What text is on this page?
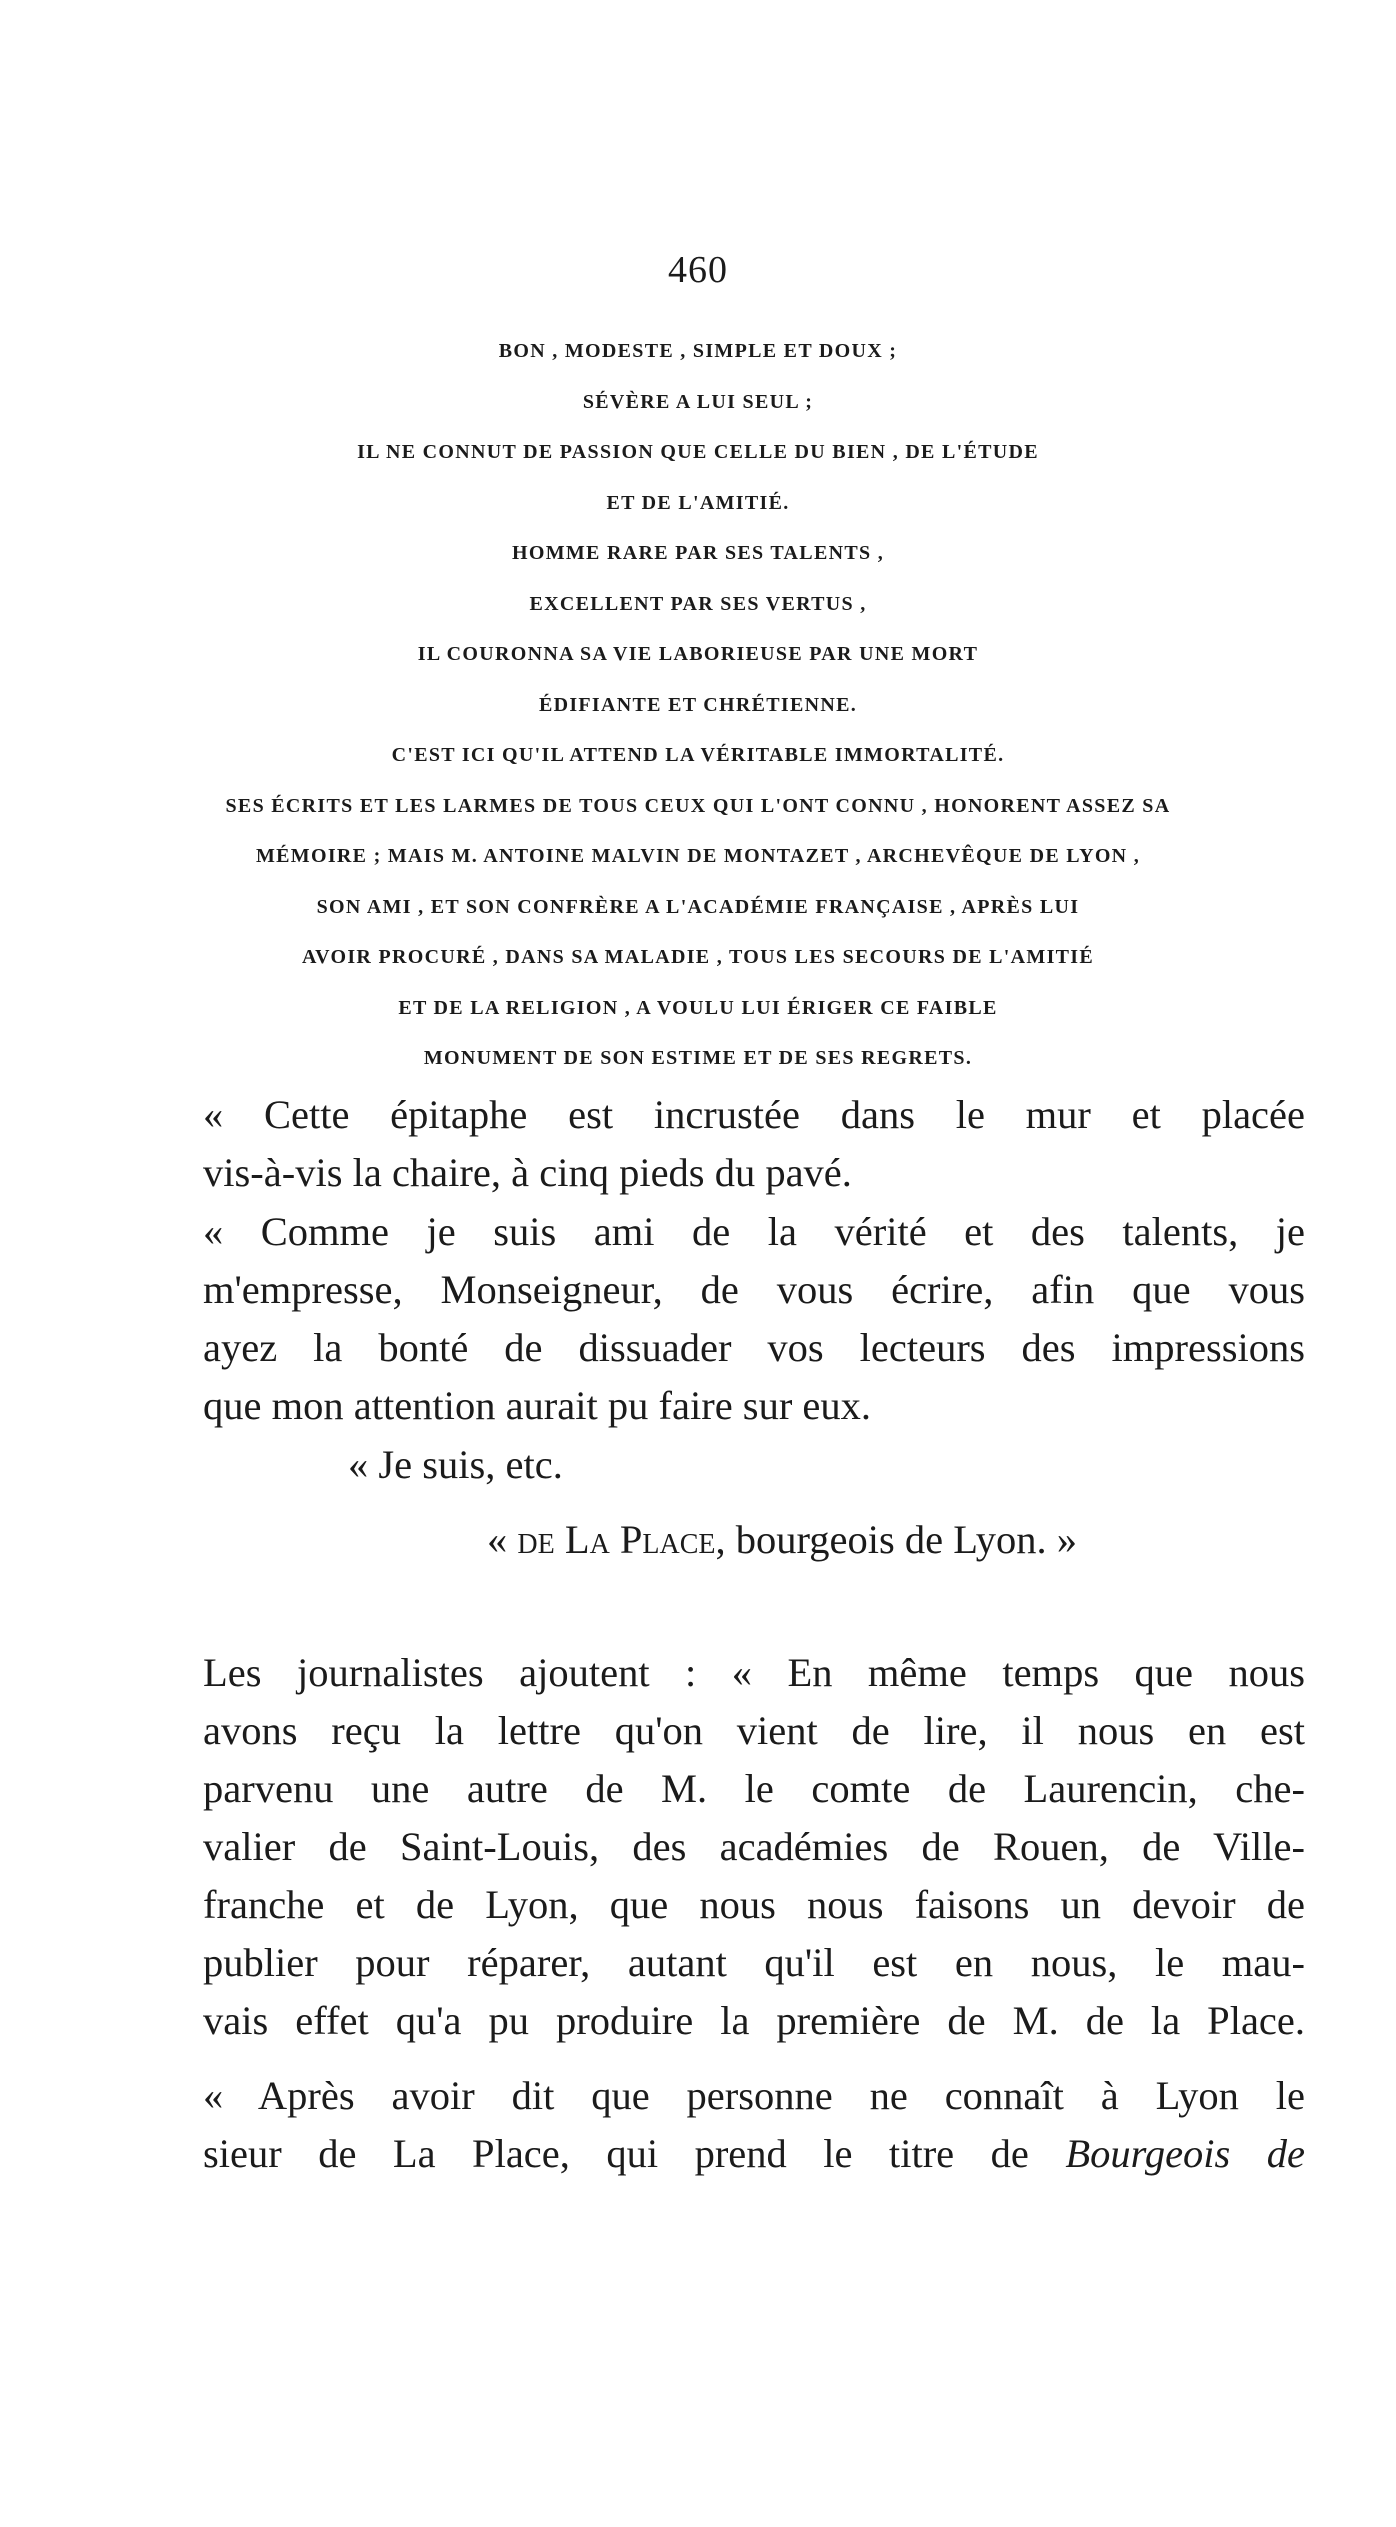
460
BON , MODESTE , SIMPLE ET DOUX ;
SÉVÈRE A LUI SEUL ;
IL NE CONNUT DE PASSION QUE CELLE DU BIEN , DE L'ÉTUDE
ET DE L'AMITIÉ.
HOMME RARE PAR SES TALENTS ,
EXCELLENT PAR SES VERTUS ,
IL COURONNA SA VIE LABORIEUSE PAR UNE MORT
ÉDIFIANTE ET CHRÉTIENNE.
C'EST ICI QU'IL ATTEND LA VÉRITABLE IMMORTALITÉ.
SES ÉCRITS ET LES LARMES DE TOUS CEUX QUI L'ONT CONNU , HONORENT ASSEZ SA
MÉMOIRE ; MAIS M. ANTOINE MALVIN DE MONTAZET , ARCHEVÊQUE DE LYON ,
SON AMI , ET SON CONFRÈRE A L'ACADÉMIE FRANÇAISE , APRÈS LUI
AVOIR PROCURÉ , DANS SA MALADIE , TOUS LES SECOURS DE L'AMITIÉ
ET DE LA RELIGION , A VOULU LUI ÉRIGER CE FAIBLE
MONUMENT DE SON ESTIME ET DE SES REGRETS.
« Cette épitaphe est incrustée dans le mur et placée
vis-à-vis la chaire, à cinq pieds du pavé.
« Comme je suis ami de la vérité et des talents, je
m'empresse, Monseigneur, de vous écrire, afin que vous
ayez la bonté de dissuader vos lecteurs des impressions
que mon attention aurait pu faire sur eux.
« Je suis, etc.
« de La Place, bourgeois de Lyon. »
Les journalistes ajoutent : « En même temps que nous
avons reçu la lettre qu'on vient de lire, il nous en est
parvenu une autre de M. le comte de Laurencin, che-
valier de Saint-Louis, des académies de Rouen, de Ville-
franche et de Lyon, que nous nous faisons un devoir de
publier pour réparer, autant qu'il est en nous, le mau-
vais effet qu'a pu produire la première de M. de la Place.
« Après avoir dit que personne ne connaît à Lyon le
sieur de La Place, qui prend le titre de Bourgeois de
